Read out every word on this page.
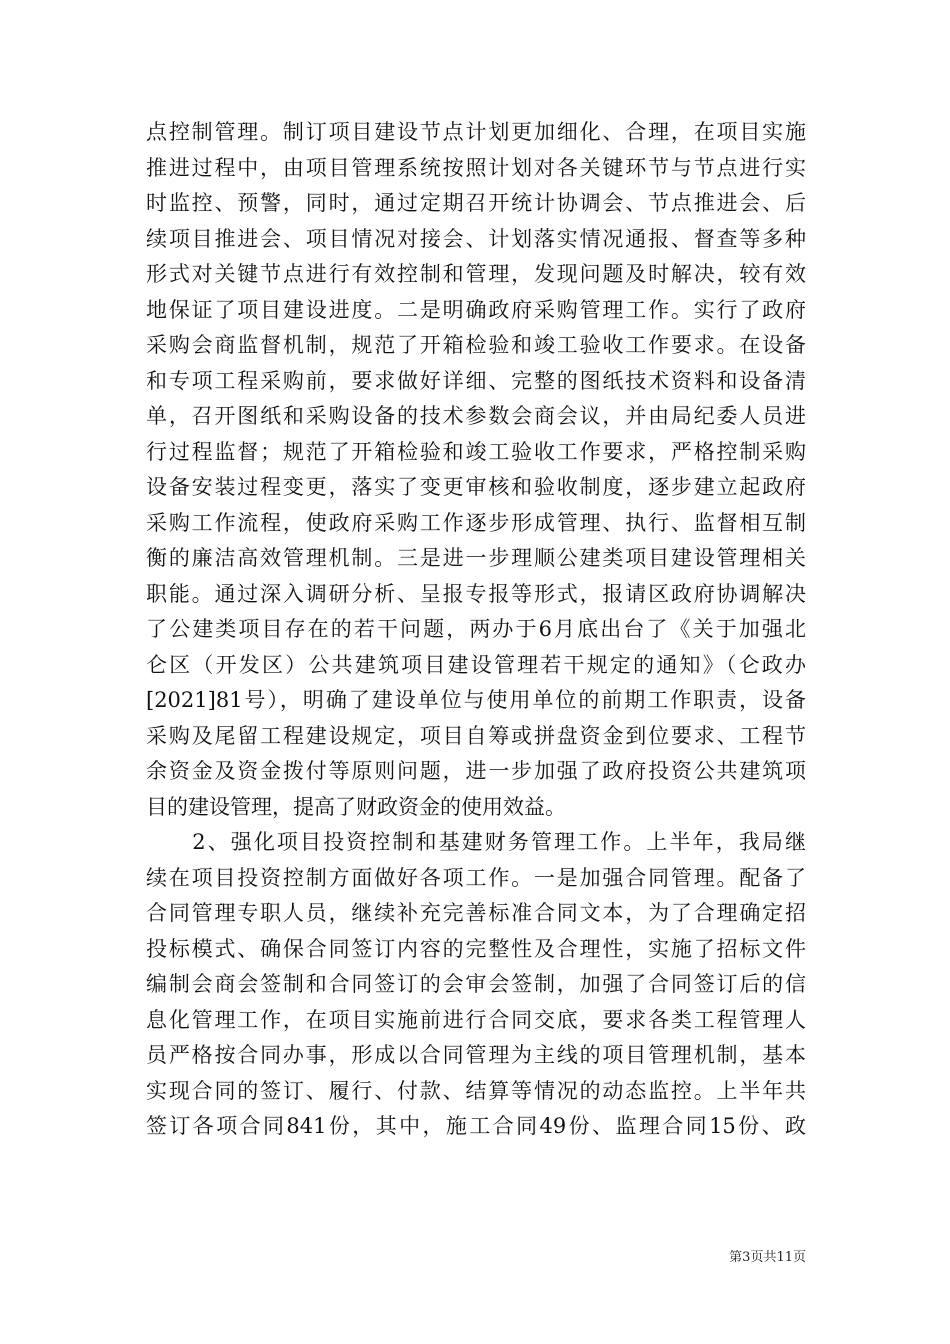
点控制管理。制订项目建设节点计划更加细化、合理，在项目实施
推进过程中，由项目管理系统按照计划对各关键环节与节点进行实
时监控、预警，同时，通过定期召开统计协调会、节点推进会、后
续项目推进会、项目情况对接会、计划落实情况通报、督查等多种
形式对关键节点进行有效控制和管理，发现问题及时解决，较有效
地保证了项目建设进度。二是明确政府采购管理工作。实行了政府
采购会商监督机制，规范了开箱检验和竣工验收工作要求。在设备
和专项工程采购前，要求做好详细、完整的图纸技术资料和设备清
单，召开图纸和采购设备的技术参数会商会议，并由局纪委人员进
行过程监督；规范了开箱检验和竣工验收工作要求，严格控制采购
设备安装过程变更，落实了变更审核和验收制度，逐步建立起政府
采购工作流程，使政府采购工作逐步形成管理、执行、监督相互制
衡的廉洁高效管理机制。三是进一步理顺公建类项目建设管理相关
职能。通过深入调研分析、呈报专报等形式，报请区政府协调解决
了公建类项目存在的若干问题，两办于6月底出台了《关于加强北
仑区（开发区）公共建筑项目建设管理若干规定的通知》（仑政办
[2021]81号），明确了建设单位与使用单位的前期工作职责，设备
采购及尾留工程建设规定，项目自筹或拼盘资金到位要求、工程节
余资金及资金拨付等原则问题，进一步加强了政府投资公共建筑项
目的建设管理，提高了财政资金的使用效益。
　　2、强化项目投资控制和基建财务管理工作。上半年，我局继
续在项目投资控制方面做好各项工作。一是加强合同管理。配备了
合同管理专职人员，继续补充完善标准合同文本，为了合理确定招
投标模式、确保合同签订内容的完整性及合理性，实施了招标文件
编制会商会签制和合同签订的会审会签制，加强了合同签订后的信
息化管理工作，在项目实施前进行合同交底，要求各类工程管理人
员严格按合同办事，形成以合同管理为主线的项目管理机制，基本
实现合同的签订、履行、付款、结算等情况的动态监控。上半年共
签订各项合同841份，其中，施工合同49份、监理合同15份、政
第3页共11页
